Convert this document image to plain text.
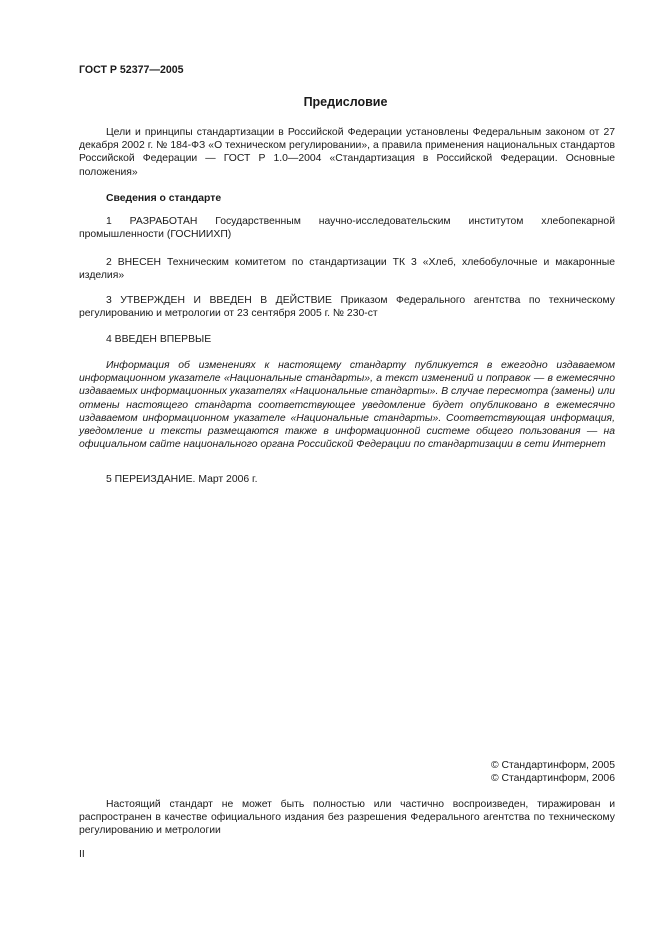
ГОСТ Р 52377—2005
Предисловие
Цели и принципы стандартизации в Российской Федерации установлены Федеральным законом от 27 декабря 2002 г. № 184-ФЗ «О техническом регулировании», а правила применения национальных стандартов Российской Федерации — ГОСТ Р 1.0—2004 «Стандартизация в Российской Федерации. Основные положения»
Сведения о стандарте
1 РАЗРАБОТАН Государственным научно-исследовательским институтом хлебопекарной промышленности (ГОСНИИХП)
2 ВНЕСЕН Техническим комитетом по стандартизации ТК 3 «Хлеб, хлебобулочные и макаронные изделия»
3 УТВЕРЖДЕН И ВВЕДЕН В ДЕЙСТВИЕ Приказом Федерального агентства по техническому регулированию и метрологии от 23 сентября 2005 г. № 230-ст
4 ВВЕДЕН ВПЕРВЫЕ
Информация об изменениях к настоящему стандарту публикуется в ежегодно издаваемом информационном указателе «Национальные стандарты», а текст изменений и поправок — в ежемесячно издаваемых информационных указателях «Национальные стандарты». В случае пересмотра (замены) или отмены настоящего стандарта соответствующее уведомление будет опубликовано в ежемесячно издаваемом информационном указателе «Национальные стандарты». Соответствующая информация, уведомление и тексты размещаются также в информационной системе общего пользования — на официальном сайте национального органа Российской Федерации по стандартизации в сети Интернет
5 ПЕРЕИЗДАНИЕ. Март 2006 г.
© Стандартинформ, 2005
© Стандартинформ, 2006
Настоящий стандарт не может быть полностью или частично воспроизведен, тиражирован и распространен в качестве официального издания без разрешения Федерального агентства по техническому регулированию и метрологии
II
